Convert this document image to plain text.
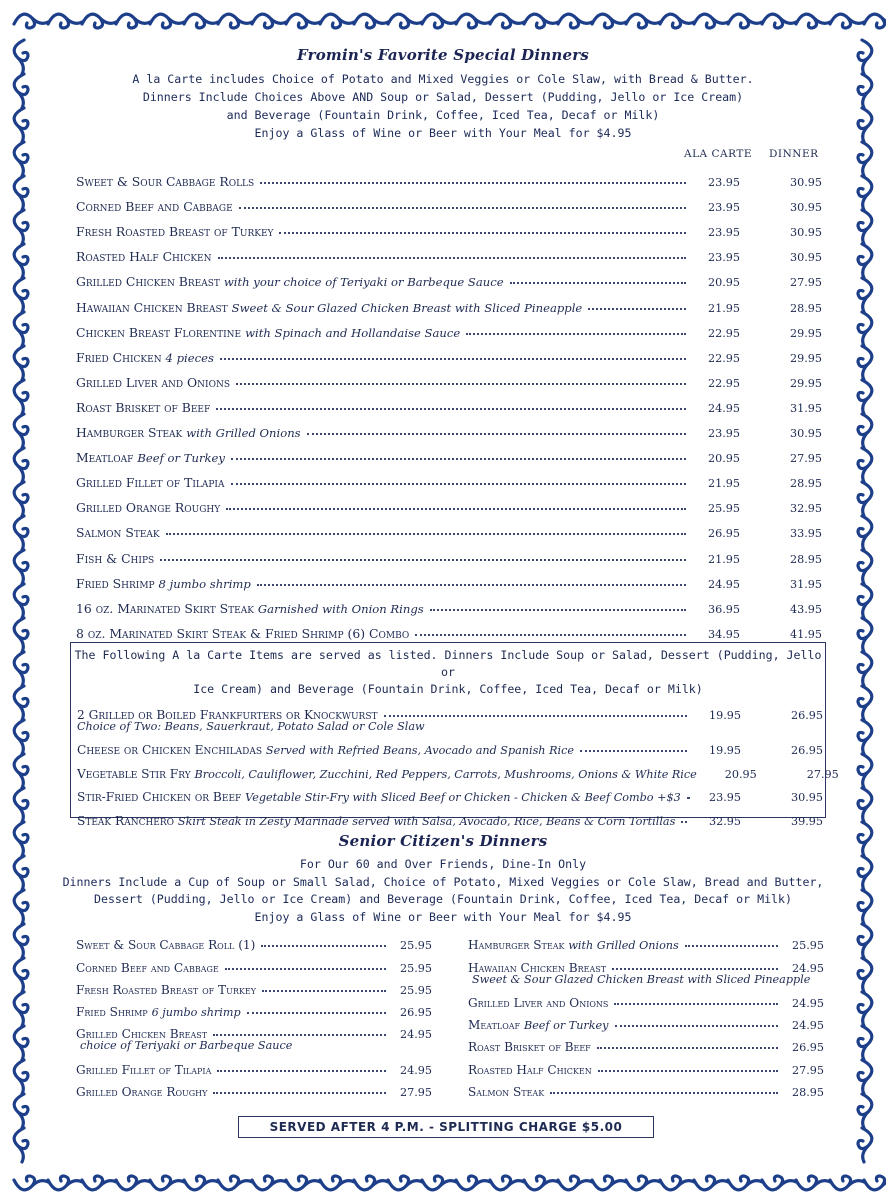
Fromin's Favorite Special Dinners
A la Carte includes Choice of Potato and Mixed Veggies or Cole Slaw, with Bread & Butter.
Dinners Include Choices Above AND Soup or Salad, Dessert (Pudding, Jello or Ice Cream)
and Beverage (Fountain Drink, Coffee, Iced Tea, Decaf or Milk)
Enjoy a Glass of Wine or Beer with Your Meal for $4.95
ALA CARTE DINNER
Sweet & Sour Cabbage Rolls	23.95	30.95
Corned Beef and Cabbage	23.95	30.95
Fresh Roasted Breast of Turkey	23.95	30.95
Roasted Half Chicken	23.95	30.95
Grilled Chicken Breast with your choice of Teriyaki or Barbeque Sauce	20.95	27.95
Hawaiian Chicken Breast Sweet & Sour Glazed Chicken Breast with Sliced Pineapple	21.95	28.95
Chicken Breast Florentine with Spinach and Hollandaise Sauce	22.95	29.95
Fried Chicken 4 pieces	22.95	29.95
Grilled Liver and Onions	22.95	29.95
Roast Brisket of Beef	24.95	31.95
Hamburger Steak with Grilled Onions	23.95	30.95
Meatloaf Beef or Turkey	20.95	27.95
Grilled Fillet of Tilapia	21.95	28.95
Grilled Orange Roughy	25.95	32.95
Salmon Steak	26.95	33.95
Fish & Chips	21.95	28.95
Fried Shrimp 8 jumbo shrimp	24.95	31.95
16 oz. Marinated Skirt Steak Garnished with Onion Rings	36.95	43.95
8 oz. Marinated Skirt Steak & Fried Shrimp (6) Combo	34.95	41.95
The Following A la Carte Items are served as listed. Dinners Include Soup or Salad, Dessert (Pudding, Jello or
Ice Cream) and Beverage (Fountain Drink, Coffee, Iced Tea, Decaf or Milk)
2 Grilled or Boiled Frankfurters or Knockwurst	19.95	26.95
Choice of Two: Beans, Sauerkraut, Potato Salad or Cole Slaw
Cheese or Chicken Enchiladas Served with Refried Beans, Avocado and Spanish Rice	19.95	26.95
Vegetable Stir Fry Broccoli, Cauliflower, Zucchini, Red Peppers, Carrots, Mushrooms, Onions & White Rice	20.95	27.95
Stir-Fried Chicken or Beef Vegetable Stir-Fry with Sliced Beef or Chicken - Chicken & Beef Combo +$3	23.95	30.95
Steak Ranchero Skirt Steak in Zesty Marinade served with Salsa, Avocado, Rice, Beans & Corn Tortillas	32.95	39.95
Senior Citizen's Dinners
For Our 60 and Over Friends, Dine-In Only
Dinners Include a Cup of Soup or Small Salad, Choice of Potato, Mixed Veggies or Cole Slaw, Bread and Butter,
Dessert (Pudding, Jello or Ice Cream) and Beverage (Fountain Drink, Coffee, Iced Tea, Decaf or Milk)
Enjoy a Glass of Wine or Beer with Your Meal for $4.95
Sweet & Sour Cabbage Roll (1)	25.95
Corned Beef and Cabbage	25.95
Fresh Roasted Breast of Turkey	25.95
Fried Shrimp 6 jumbo shrimp	26.95
Grilled Chicken Breast	24.95
choice of Teriyaki or Barbeque Sauce
Grilled Fillet of Tilapia	24.95
Grilled Orange Roughy	27.95
Hamburger Steak with Grilled Onions	25.95
Hawaiian Chicken Breast	24.95
Sweet & Sour Glazed Chicken Breast with Sliced Pineapple
Grilled Liver and Onions	24.95
Meatloaf Beef or Turkey	24.95
Roast Brisket of Beef	26.95
Roasted Half Chicken	27.95
Salmon Steak	28.95
SERVED AFTER 4 P.M. - SPLITTING CHARGE $5.00
